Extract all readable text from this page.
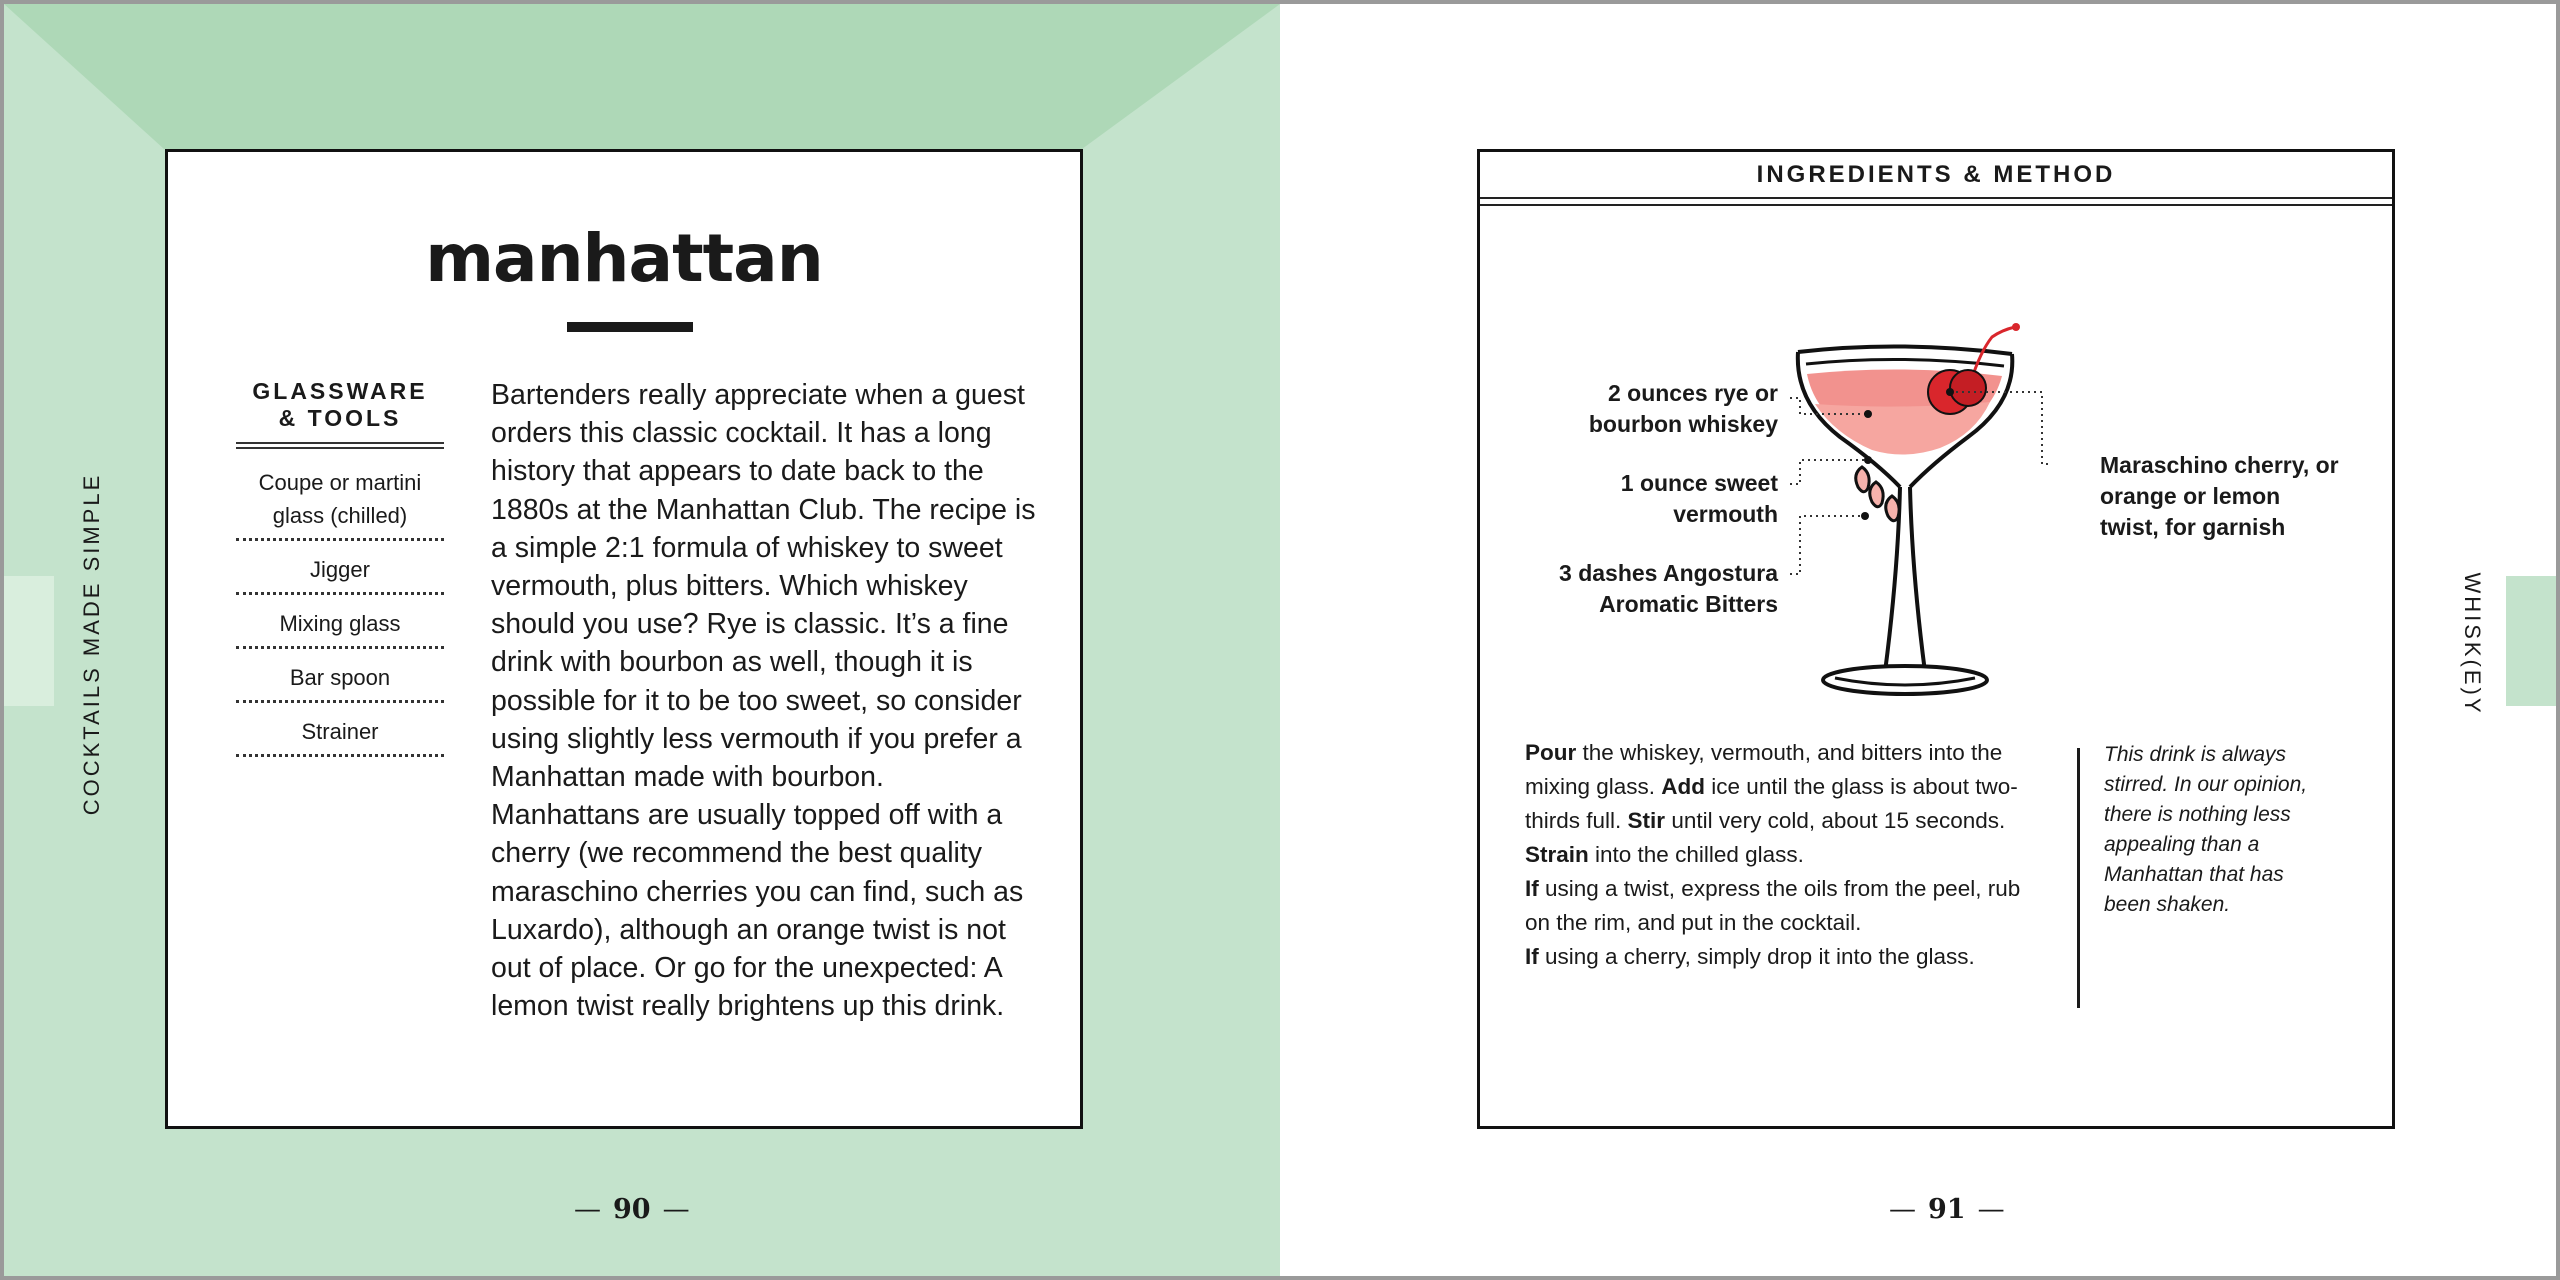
COCKTAILS MADE SIMPLE
manhattan
GLASSWARE
& TOOLS
Coupe or martini glass (chilled)
Jigger
Mixing glass
Bar spoon
Strainer

Bartenders really appreciate when a guest orders this classic cocktail. It has a long history that appears to date back to the 1880s at the Manhattan Club. The recipe is a simple 2:1 formula of whiskey to sweet vermouth, plus bitters. Which whiskey should you use? Rye is classic. It’s a fine drink with bourbon as well, though it is possible for it to be too sweet, so consider using slightly less vermouth if you prefer a Manhattan made with bourbon. Manhattans are usually topped off with a cherry (we recommend the best quality maraschino cherries you can find, such as Luxardo), although an orange twist is not out of place. Or go for the unexpected: A lemon twist really brightens up this drink.

— 90 —
WHISK(E)Y
INGREDIENTS & METHOD
2 ounces rye or
bourbon whiskey
1 ounce sweet
vermouth
3 dashes Angostura
Aromatic Bitters
Maraschino cherry, or
orange or lemon
twist, for garnish

Pour the whiskey, vermouth, and bitters into the mixing glass. Add ice until the glass is about two-thirds full. Stir until very cold, about 15 seconds. Strain into the chilled glass.
If using a twist, express the oils from the peel, rub on the rim, and put in the cocktail.
If using a cherry, simply drop it into the glass.

This drink is always stirred. In our opinion, there is nothing less appealing than a Manhattan that has been shaken.

— 91 —
